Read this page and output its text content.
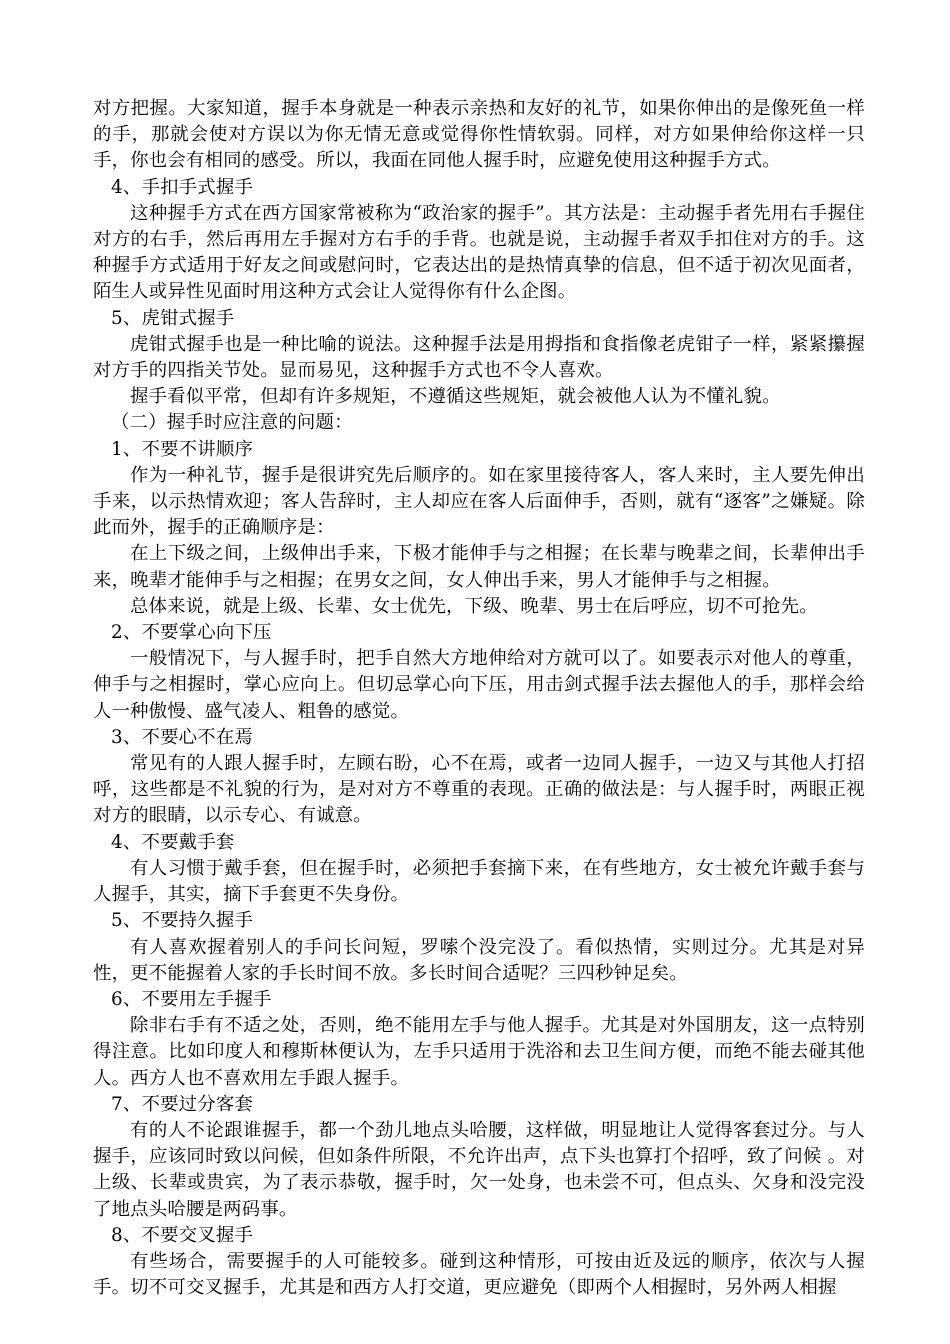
对方把握。大家知道，握手本身就是一种表示亲热和友好的礼节，如果你伸出的是像死鱼一样的手，那就会使对方误以为你无情无意或觉得你性情软弱。同样，对方如果伸给你这样一只手，你也会有相同的感受。所以，我面在同他人握手时，应避免使用这种握手方式。

4、手扣手式握手

这种握手方式在西方国家常被称为“政治家的握手”。其方法是：主动握手者先用右手握住对方的右手，然后再用左手握对方右手的手背。也就是说，主动握手者双手扣住对方的手。这种握手方式适用于好友之间或慰问时，它表达出的是热情真挚的信息，但不适于初次见面者，陌生人或异性见面时用这种方式会让人觉得你有什么企图。

5、虎钳式握手

虎钳式握手也是一种比喻的说法。这种握手法是用拇指和食指像老虎钳子一样，紧紧攥握对方手的四指关节处。显而易见，这种握手方式也不令人喜欢。

握手看似平常，但却有许多规矩，不遵循这些规矩，就会被他人认为不懂礼貌。

（二）握手时应注意的问题：

1、不要不讲顺序

作为一种礼节，握手是很讲究先后顺序的。如在家里接待客人，客人来时，主人要先伸出手来，以示热情欢迎；客人告辞时，主人却应在客人后面伸手，否则，就有“逐客”之嫌疑。除此而外，握手的正确顺序是：

在上下级之间，上级伸出手来，下极才能伸手与之相握；在长辈与晚辈之间，长辈伸出手来，晚辈才能伸手与之相握；在男女之间，女人伸出手来，男人才能伸手与之相握。

总体来说，就是上级、长辈、女士优先，下级、晚辈、男士在后呼应，切不可抢先。

2、不要掌心向下压

一般情况下，与人握手时，把手自然大方地伸给对方就可以了。如要表示对他人的尊重，伸手与之相握时，掌心应向上。但切忌掌心向下压，用击剑式握手法去握他人的手，那样会给人一种傲慢、盛气凌人、粗鲁的感觉。

3、不要心不在焉

常见有的人跟人握手时，左顾右盼，心不在焉，或者一边同人握手，一边又与其他人打招呼，这些都是不礼貌的行为，是对对方不尊重的表现。正确的做法是：与人握手时，两眼正视对方的眼睛，以示专心、有诚意。

4、不要戴手套

有人习惯于戴手套，但在握手时，必须把手套摘下来，在有些地方，女士被允许戴手套与人握手，其实，摘下手套更不失身份。

5、不要持久握手

有人喜欢握着别人的手问长问短，罗嗦个没完没了。看似热情，实则过分。尤其是对异性，更不能握着人家的手长时间不放。多长时间合适呢？三四秒钟足矣。

6、不要用左手握手

除非右手有不适之处，否则，绝不能用左手与他人握手。尤其是对外国朋友，这一点特别得注意。比如印度人和穆斯林便认为，左手只适用于洗浴和去卫生间方便，而绝不能去碰其他人。西方人也不喜欢用左手跟人握手。

7、不要过分客套

有的人不论跟谁握手，都一个劲儿地点头哈腰，这样做，明显地让人觉得客套过分。与人握手，应该同时致以问候，但如条件所限，不允许出声，点下头也算打个招呼，致了问候 。对上级、长辈或贵宾，为了表示恭敬，握手时，欠一处身，也未尝不可，但点头、欠身和没完没了地点头哈腰是两码事。

8、不要交叉握手

有些场合，需要握手的人可能较多。碰到这种情形，可按由近及远的顺序，依次与人握手。切不可交叉握手，尤其是和西方人打交道，更应避免（即两个人相握时，另外两人相握
